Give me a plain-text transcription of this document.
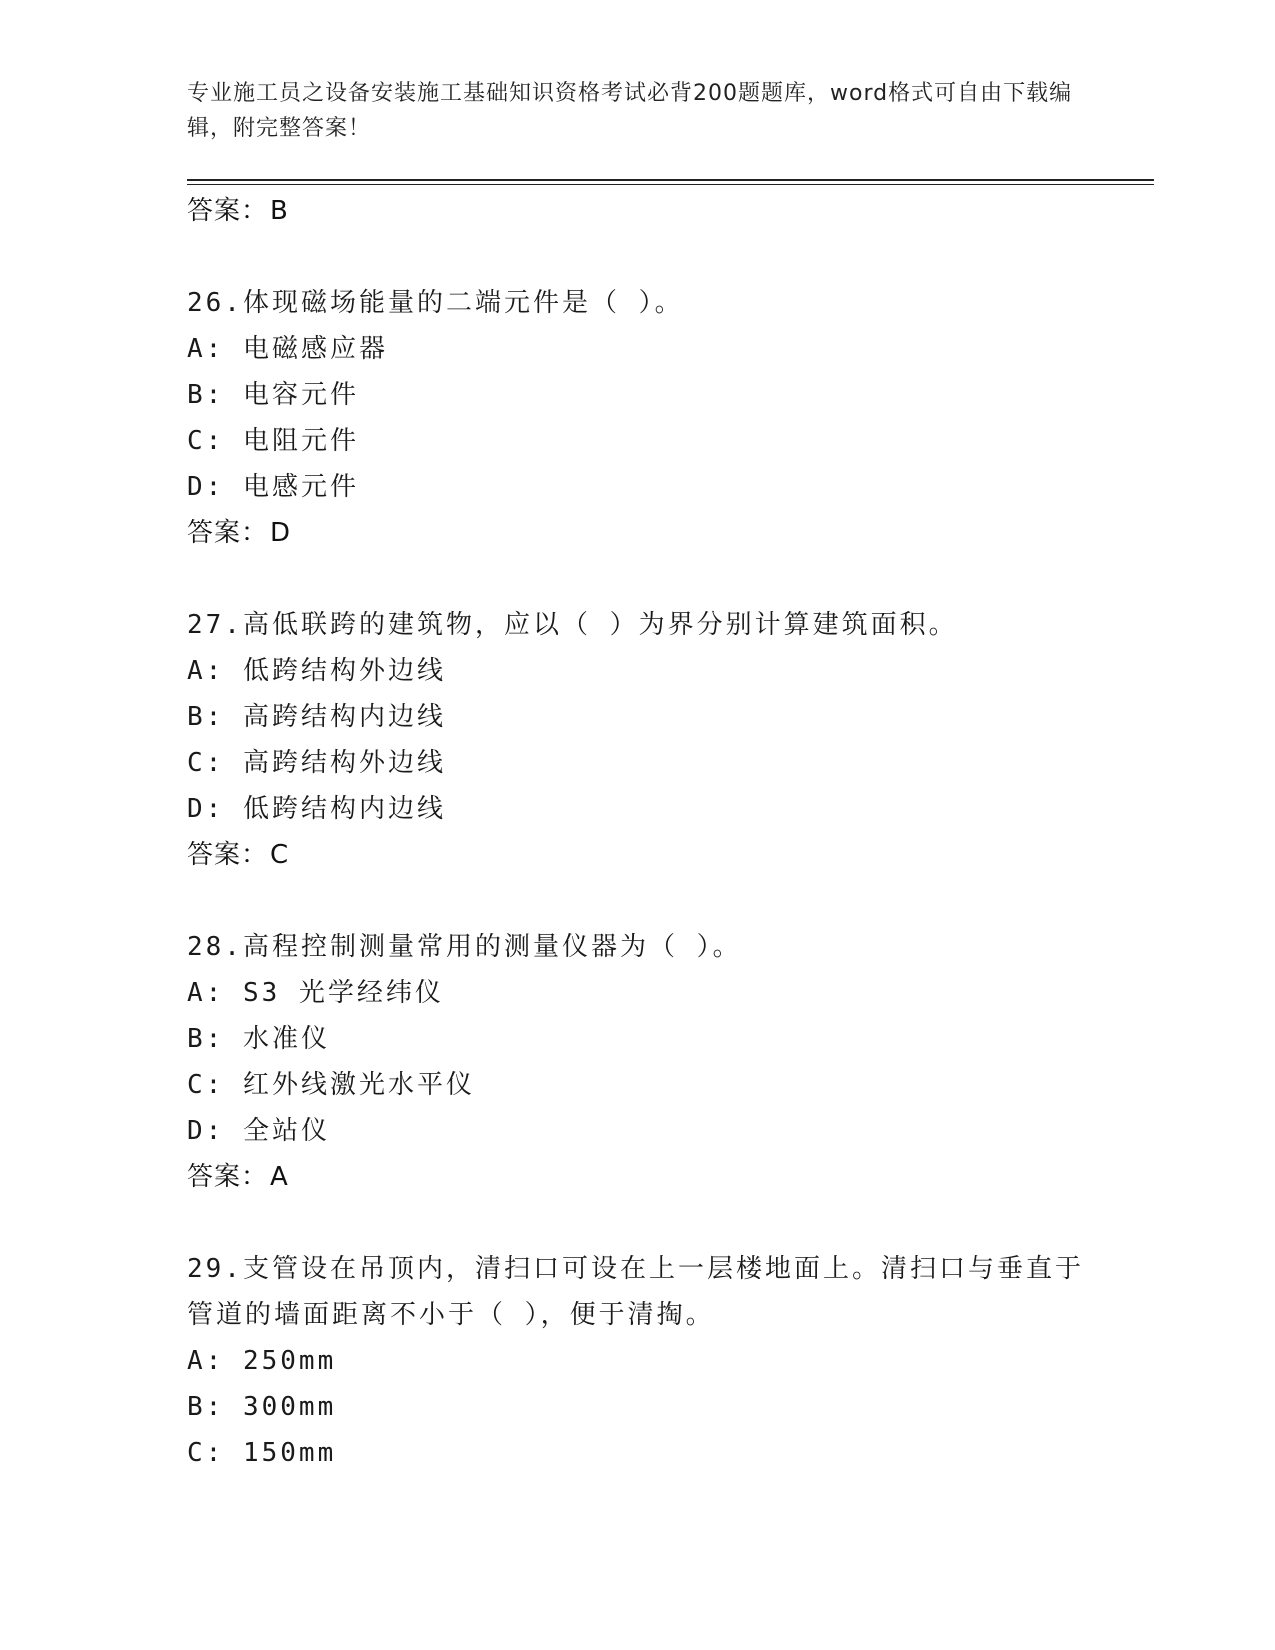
专业施工员之设备安装施工基础知识资格考试必背200题题库，word格式可自由下载编辑，附完整答案！
答案：B
26.体现磁场能量的二端元件是（ ）。
A: 电磁感应器
B: 电容元件
C: 电阻元件
D: 电感元件
答案：D
27.高低联跨的建筑物，应以（ ）为界分别计算建筑面积。
A: 低跨结构外边线
B: 高跨结构内边线
C: 高跨结构外边线
D: 低跨结构内边线
答案：C
28.高程控制测量常用的测量仪器为（ ）。
A: S3 光学经纬仪
B: 水准仪
C: 红外线激光水平仪
D: 全站仪
答案：A
29.支管设在吊顶内，清扫口可设在上一层楼地面上。清扫口与垂直于管道的墙面距离不小于（ ），便于清掏。
A: 250mm
B: 300mm
C: 150mm
